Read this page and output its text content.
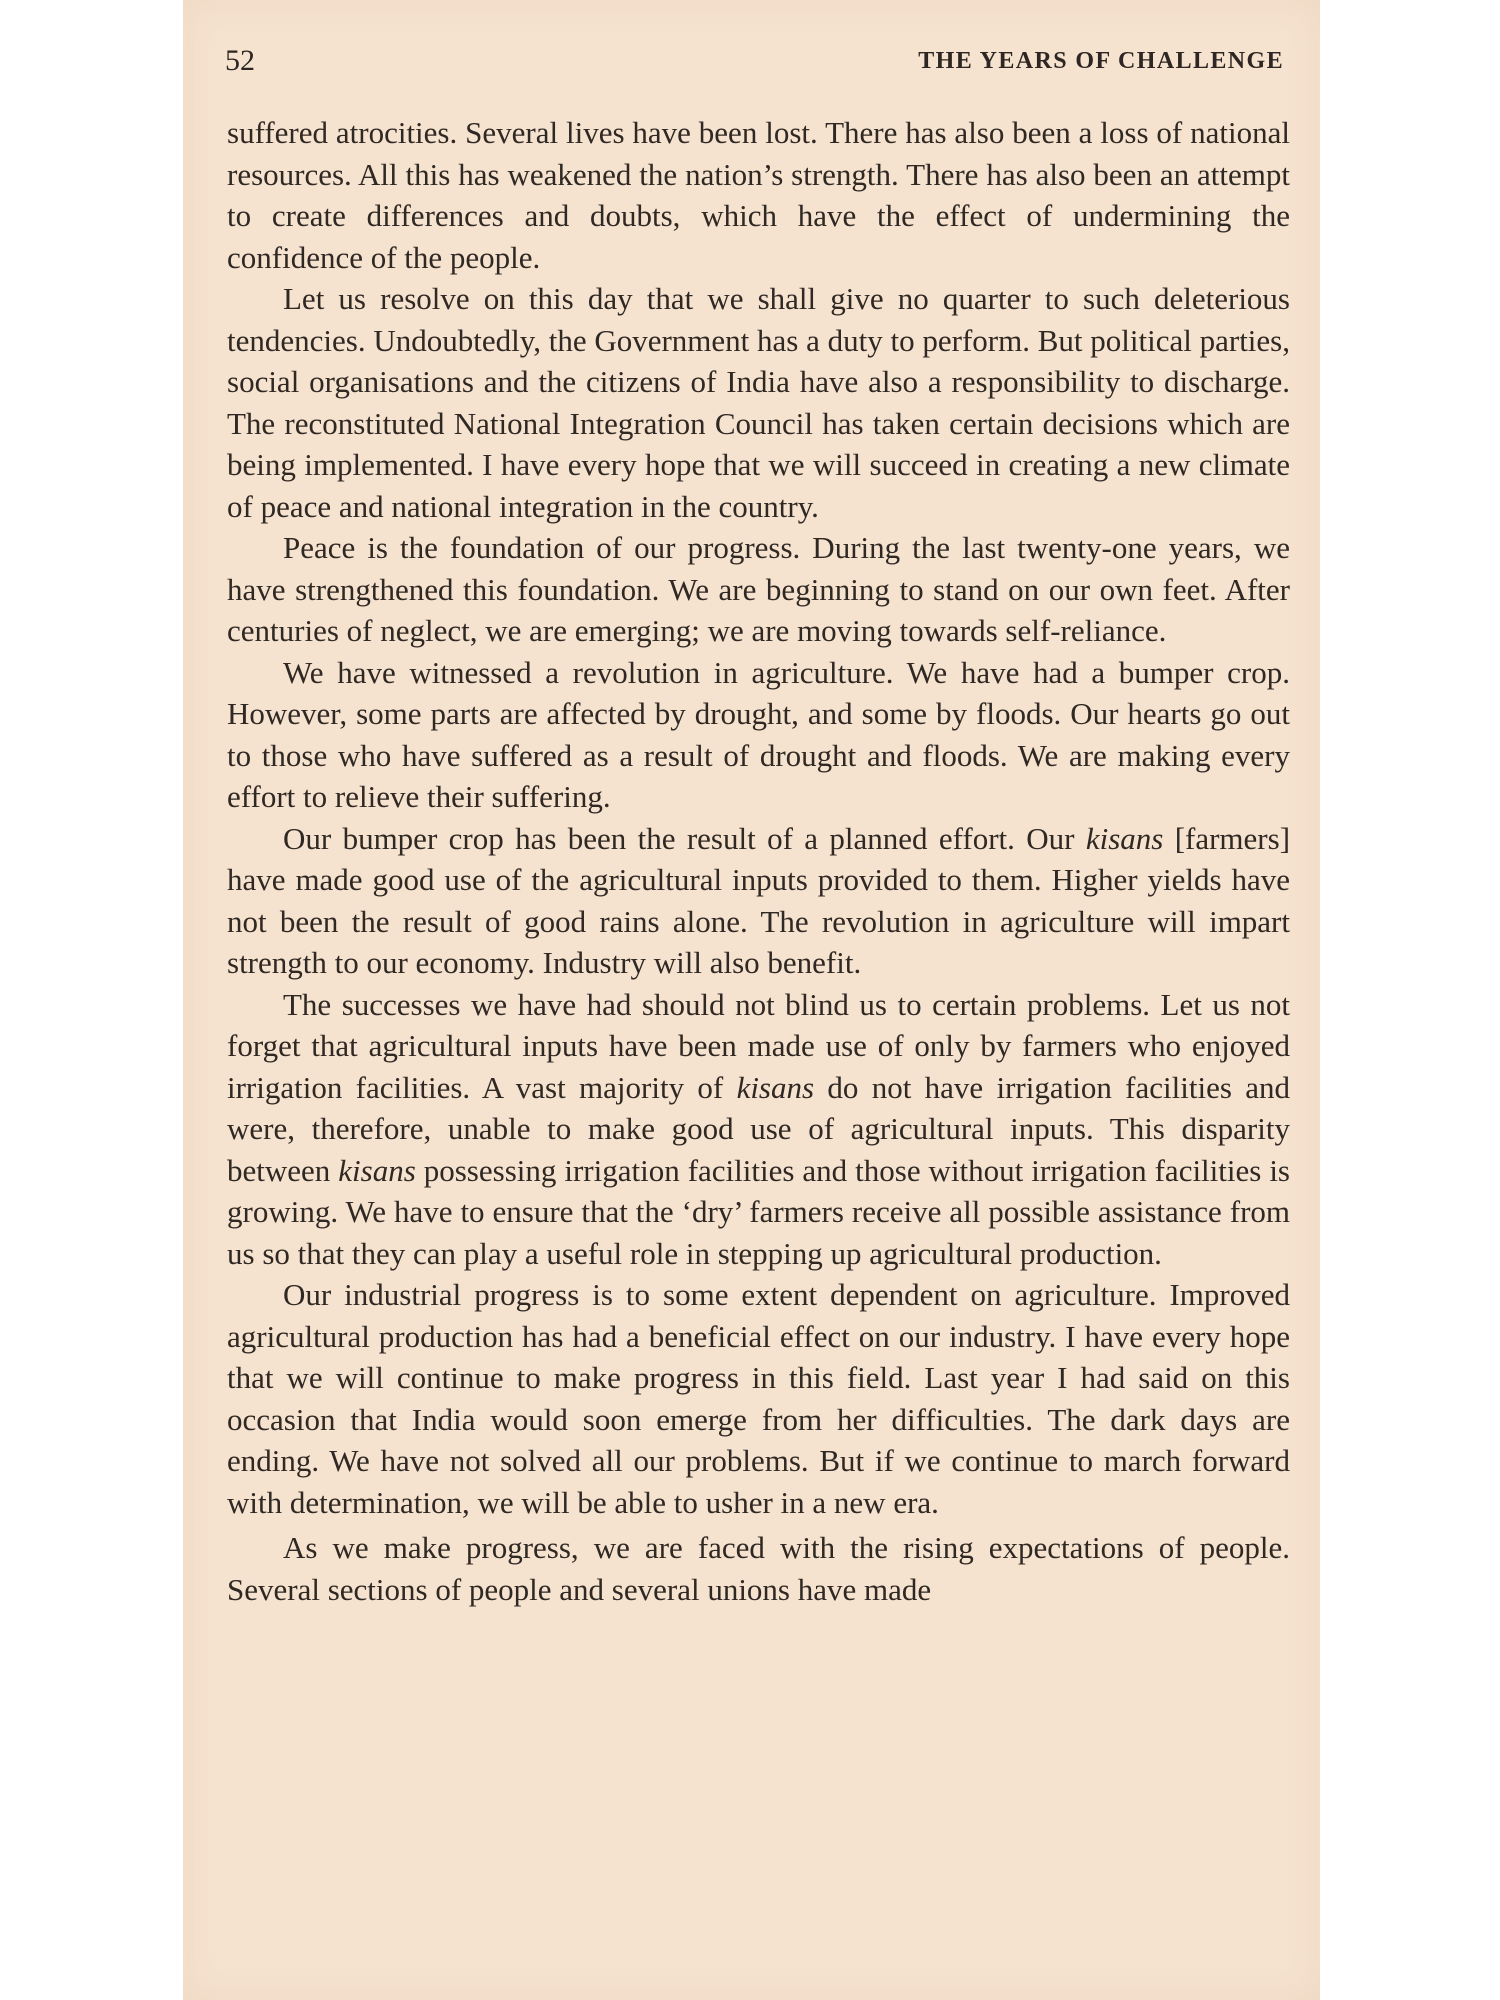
52	THE YEARS OF CHALLENGE

suffered atrocities. Several lives have been lost. There has also been a loss of national resources. All this has weakened the nation’s strength. There has also been an attempt to create differences and doubts, which have the effect of undermining the confidence of the people.

Let us resolve on this day that we shall give no quarter to such deleterious tendencies. Undoubtedly, the Government has a duty to perform. But political parties, social organisations and the citizens of India have also a responsibility to discharge. The reconstituted National Integration Council has taken certain decisions which are being implemented. I have every hope that we will succeed in creating a new climate of peace and national integration in the country.

Peace is the foundation of our progress. During the last twenty-one years, we have strengthened this foundation. We are beginning to stand on our own feet. After centuries of neglect, we are emerging; we are moving towards self-reliance.

We have witnessed a revolution in agriculture. We have had a bumper crop. However, some parts are affected by drought, and some by floods. Our hearts go out to those who have suffered as a result of drought and floods. We are making every effort to relieve their suffering.

Our bumper crop has been the result of a planned effort. Our kisans [farmers] have made good use of the agricultural inputs provided to them. Higher yields have not been the result of good rains alone. The revolution in agriculture will impart strength to our economy. Industry will also benefit.

The successes we have had should not blind us to certain problems. Let us not forget that agricultural inputs have been made use of only by farmers who enjoyed irrigation facilities. A vast majority of kisans do not have irrigation facilities and were, therefore, unable to make good use of agricultural inputs. This disparity between kisans possessing irrigation facilities and those without irrigation facilities is growing. We have to ensure that the ‘dry’ farmers receive all possible assistance from us so that they can play a useful role in stepping up agricultural production.

Our industrial progress is to some extent dependent on agriculture. Improved agricultural production has had a beneficial effect on our industry. I have every hope that we will continue to make progress in this field. Last year I had said on this occasion that India would soon emerge from her difficulties. The dark days are ending. We have not solved all our problems. But if we continue to march forward with determination, we will be able to usher in a new era.

As we make progress, we are faced with the rising expectations of people. Several sections of people and several unions have made
